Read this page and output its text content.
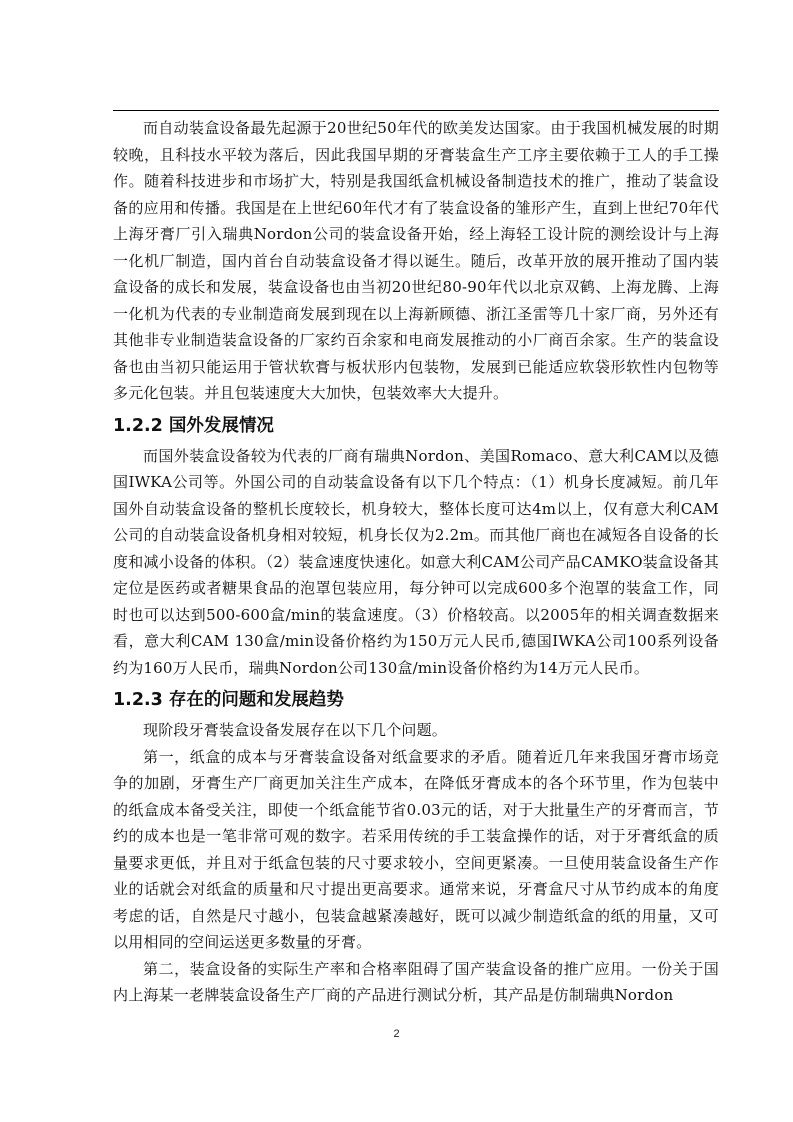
而自动装盒设备最先起源于20世纪50年代的欧美发达国家。由于我国机械发展的时期较晚，且科技水平较为落后，因此我国早期的牙膏装盒生产工序主要依赖于工人的手工操作。随着科技进步和市场扩大，特别是我国纸盒机械设备制造技术的推广，推动了装盒设备的应用和传播。我国是在上世纪60年代才有了装盒设备的雏形产生，直到上世纪70年代上海牙膏厂引入瑞典Nordon公司的装盒设备开始，经上海轻工设计院的测绘设计与上海一化机厂制造，国内首台自动装盒设备才得以诞生。随后，改革开放的展开推动了国内装盒设备的成长和发展，装盒设备也由当初20世纪80-90年代以北京双鹤、上海龙腾、上海一化机为代表的专业制造商发展到现在以上海新顾德、浙江圣雷等几十家厂商，另外还有其他非专业制造装盒设备的厂家约百余家和电商发展推动的小厂商百余家。生产的装盒设备也由当初只能运用于管状软膏与板状形内包装物，发展到已能适应软袋形软性内包物等多元化包装。并且包装速度大大加快，包装效率大大提升。

1.2.2 国外发展情况

而国外装盒设备较为代表的厂商有瑞典Nordon、美国Romaco、意大利CAM以及德国IWKA公司等。外国公司的自动装盒设备有以下几个特点：（1）机身长度减短。前几年国外自动装盒设备的整机长度较长，机身较大，整体长度可达4m以上，仅有意大利CAM公司的自动装盒设备机身相对较短，机身长仅为2.2m。而其他厂商也在减短各自设备的长度和减小设备的体积。（2）装盒速度快速化。如意大利CAM公司产品CAMKO装盒设备其定位是医药或者糖果食品的泡罩包装应用，每分钟可以完成600多个泡罩的装盒工作，同时也可以达到500-600盒/min的装盒速度。（3）价格较高。以2005年的相关调查数据来看，意大利CAM 130盒/min设备价格约为150万元人民币,德国IWKA公司100系列设备约为160万人民币，瑞典Nordon公司130盒/min设备价格约为14万元人民币。

1.2.3 存在的问题和发展趋势

现阶段牙膏装盒设备发展存在以下几个问题。

第一，纸盒的成本与牙膏装盒设备对纸盒要求的矛盾。随着近几年来我国牙膏市场竞争的加剧，牙膏生产厂商更加关注生产成本，在降低牙膏成本的各个环节里，作为包装中的纸盒成本备受关注，即使一个纸盒能节省0.03元的话，对于大批量生产的牙膏而言，节约的成本也是一笔非常可观的数字。若采用传统的手工装盒操作的话，对于牙膏纸盒的质量要求更低，并且对于纸盒包装的尺寸要求较小，空间更紧凑。一旦使用装盒设备生产作业的话就会对纸盒的质量和尺寸提出更高要求。通常来说，牙膏盒尺寸从节约成本的角度考虑的话，自然是尺寸越小，包装盒越紧凑越好，既可以减少制造纸盒的纸的用量，又可以用相同的空间运送更多数量的牙膏。

第二，装盒设备的实际生产率和合格率阻碍了国产装盒设备的推广应用。一份关于国内上海某一老牌装盒设备生产厂商的产品进行测试分析，其产品是仿制瑞典Nordon

2
